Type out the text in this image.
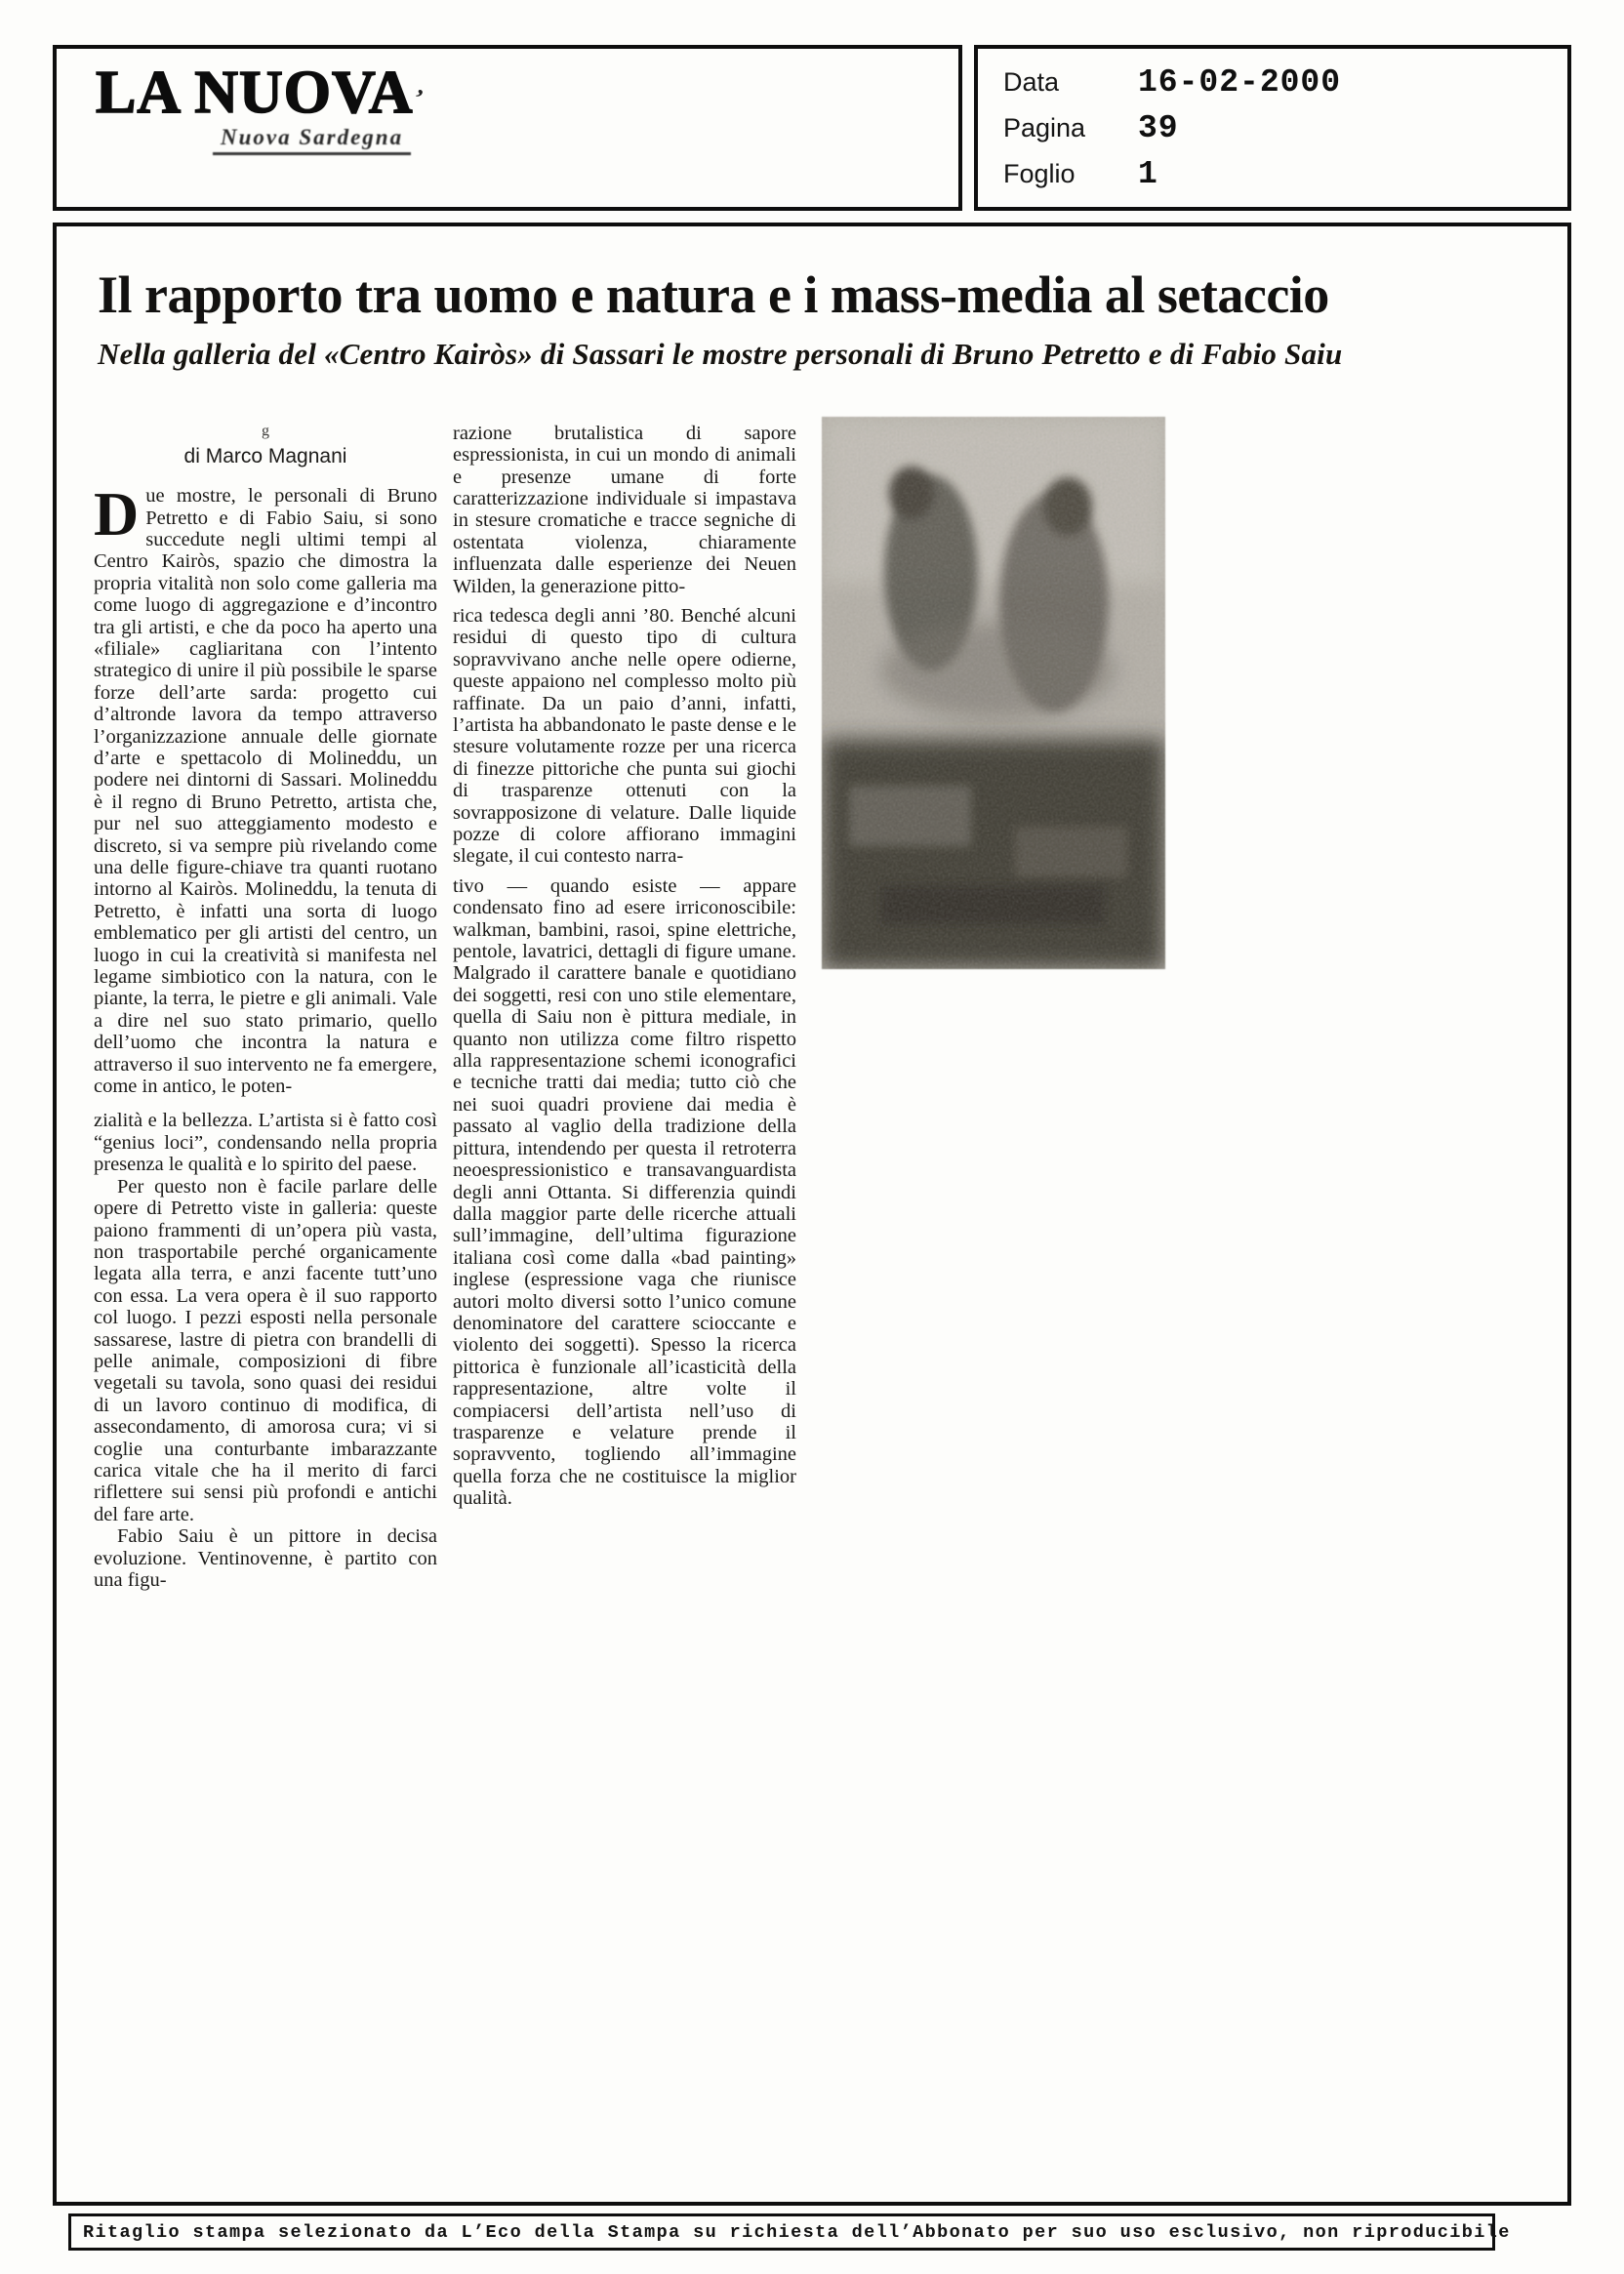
LA NUOVA’
Nuova Sardegna
Data	16-02-2000
Pagina	39
Foglio	1
Il rapporto tra uomo e natura e i mass-media al setaccio
Nella galleria del «Centro Kairòs» di Sassari le mostre personali di Bruno Petretto e di Fabio Saiu
g
di Marco Magnani

Due mostre, le personali di Bruno Petretto e di Fabio Saiu, si sono succedute negli ultimi tempi al Centro Kairòs, spazio che dimostra la propria vitalità non solo come galleria ma come luogo di aggregazione e d’incontro tra gli artisti, e che da poco ha aperto una «filiale» cagliaritana con l’intento strategico di unire il più possibile le sparse forze dell’arte sarda: progetto cui d’altronde lavora da tempo attraverso l’organizzazione annuale delle giornate d’arte e spettacolo di Molineddu, un podere nei dintorni di Sassari. Molineddu è il regno di Bruno Petretto, artista che, pur nel suo atteggiamento modesto e discreto, si va sempre più rivelando come una delle figure-chiave tra quanti ruotano intorno al Kairòs. Molineddu, la tenuta di Petretto, è infatti una sorta di luogo emblematico per gli artisti del centro, un luogo in cui la creatività si manifesta nel legame simbiotico con la natura, con le piante, la terra, le pietre e gli animali. Vale a dire nel suo stato primario, quello dell’uomo che incontra la natura e attraverso il suo intervento ne fa emergere, come in antico, le poten-

zialità e la bellezza. L’artista si è fatto così “genius loci”, condensando nella propria presenza le qualità e lo spirito del paese.

Per questo non è facile parlare delle opere di Petretto viste in galleria: queste paiono frammenti di un’opera più vasta, non trasportabile perché organicamente legata alla terra, e anzi facente tutt’uno con essa. La vera opera è il suo rapporto col luogo. I pezzi esposti nella personale sassarese, lastre di pietra con brandelli di pelle animale, composizioni di fibre vegetali su tavola, sono quasi dei residui di un lavoro continuo di modifica, di assecondamento, di amorosa cura; vi si coglie una conturbante imbarazzante carica vitale che ha il merito di farci riflettere sui sensi più profondi e antichi del fare arte.

Fabio Saiu è un pittore in decisa evoluzione. Ventinovenne, è partito con una figu-

razione brutalistica di sapore espressionista, in cui un mondo di animali e presenze umane di forte caratterizzazione individuale si impastava in stesure cromatiche e tracce segniche di ostentata violenza, chiaramente influenzata dalle esperienze dei Neuen Wilden, la generazione pitto-

rica tedesca degli anni ’80. Benché alcuni residui di questo tipo di cultura sopravvivano anche nelle opere odierne, queste appaiono nel complesso molto più raffinate. Da un paio d’anni, infatti, l’artista ha abbandonato le paste dense e le stesure volutamente rozze per una ricerca di finezze pittoriche che punta sui giochi di trasparenze ottenuti con la sovrapposizone di velature. Dalle liquide pozze di colore affiorano immagini slegate, il cui contesto narra-

tivo — quando esiste — appare condensato fino ad esere irriconoscibile: walkman, bambini, rasoi, spine elettriche, pentole, lavatrici, dettagli di figure umane. Malgrado il carattere banale e quotidiano dei soggetti, resi con uno stile elementare, quella di Saiu non è pittura mediale, in quanto non utilizza come filtro rispetto alla rappresentazione schemi iconografici e tecniche tratti dai media; tutto ciò che nei suoi quadri proviene dai media è passato al vaglio della tradizione della pittura, intendendo per questa il retroterra neoespressionistico e transavanguardista degli anni Ottanta. Si differenzia quindi dalla maggior parte delle ricerche attuali sull’immagine, dell’ultima figurazione italiana così come dalla «bad painting» inglese (espressione vaga che riunisce autori molto diversi sotto l’unico comune denominatore del carattere scioccante e violento dei soggetti). Spesso la ricerca pittorica è funzionale all’icasticità della rappresentazione, altre volte il compiacersi dell’artista nell’uso di trasparenze e velature prende il sopravvento, togliendo all’immagine quella forza che ne costituisce la miglior qualità.

Ritaglio stampa selezionato da L’Eco della Stampa su richiesta dell’Abbonato per suo uso esclusivo, non riproducibile
